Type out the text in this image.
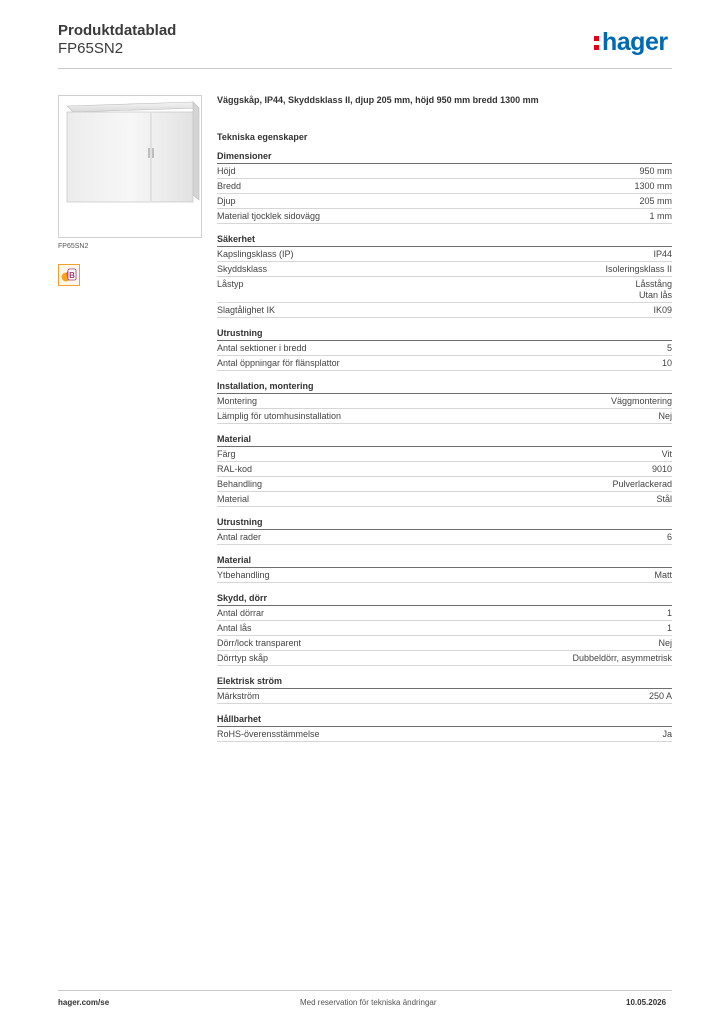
Produktdatablad
FP65SN2	hager
FP65SN2
B
Väggskåp, IP44, Skyddsklass II, djup 205 mm, höjd 950 mm bredd 1300 mm
Tekniska egenskaper
Dimensioner
Höjd	950 mm
Bredd	1300 mm
Djup	205 mm
Material tjocklek sidovägg	1 mm
Säkerhet
Kapslingsklass (IP)	IP44
Skyddsklass	Isoleringsklass II
Låstyp	Låsstång
Utan lås
Slagtålighet IK	IK09
Utrustning
Antal sektioner i bredd	5
Antal öppningar för flänsplattor	10
Installation, montering
Montering	Väggmontering
Lämplig för utomhusinstallation	Nej
Material
Färg	Vit
RAL-kod	9010
Behandling	Pulverlackerad
Material	Stål
Utrustning
Antal rader	6
Material
Ytbehandling	Matt
Skydd, dörr
Antal dörrar	1
Antal lås	1
Dörr/lock transparent	Nej
Dörrtyp skåp	Dubbeldörr, asymmetrisk
Elektrisk ström
Märkström	250 A
Hållbarhet
RoHS-överensstämmelse	Ja
hager.com/se	Med reservation för tekniska ändringar	10.05.2026
